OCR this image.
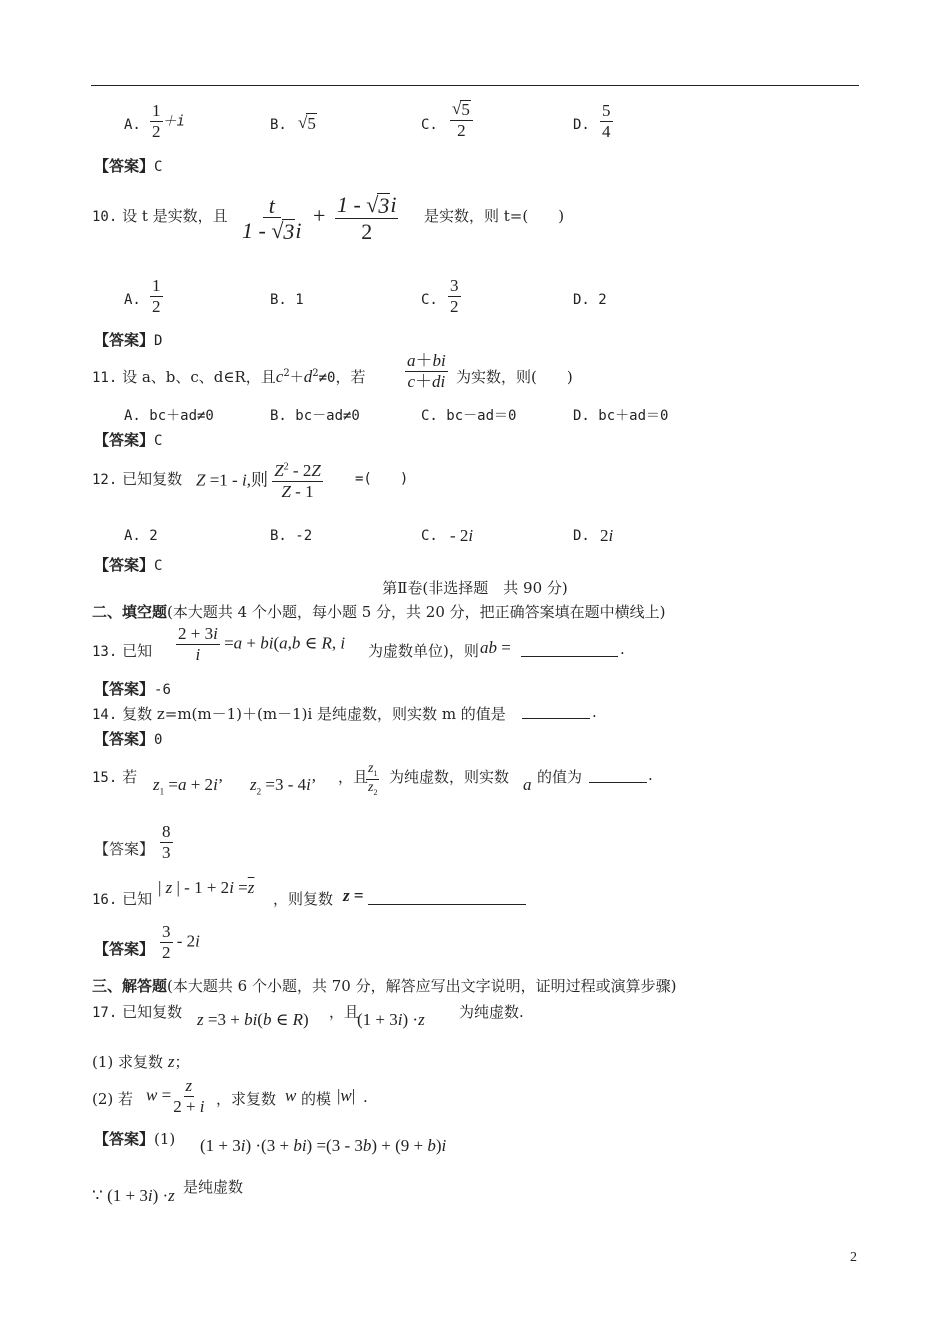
A. $\frac{1}{2} +i$	B. √ 5	C. $\frac{√ 5}{2}$	D. $\frac{5}{4}$
【答案】C
10. 设 t 是实数，且 $\frac{t}{1 - √ 3 i} + \frac{1 - √ 3 i}{2}$ 是实数，则 t=(　　)
A. $\frac{1}{2}$	B. 1	C. $\frac{3}{2}$	D. 2
【答案】D
11. 设 a、b、c、d∈R，且$c^2+d^2\ne 0$，若 $\frac{a+bi}{c+di}$ 为实数，则(　　)
A. bc＋ad≠0	B. bc－ad≠0	C. bc－ad＝0	D. bc＋ad＝0
【答案】C
12. 已知复数 Z =1 - i,则 $\frac{Z^2 - 2Z}{Z - 1}$ =(　　)
A. 2	B. -2	C. - 2i	D. 2i
【答案】C
第Ⅱ卷(非选择题　共 90 分)
二、填空题(本大题共 4 个小题，每小题 5 分，共 20 分，把正确答案填在题中横线上)
13. 已知 $\frac{2 + 3i}{i} =a + bi(a,b$ ∈ R, i 为虚数单位)，则 ab =	.
【答案】-6
14. 复数 z=m(m－1)＋(m－1)i 是纯虚数，则实数 m 的值是	.
【答案】0
15. 若 $z_1 =a + 2i$’ $z_2 =3 - 4i$’ ，且
$\frac{z_1}{z_2}$ 为纯虚数，则实数 a 的值为	.
【答案】 $\frac{8}{3}$
16. 已知
| z | - $1 + 2i =\overline{z}$
，则复数 z =
【答案】 $\frac{3}{2} - 2i$
三、解答题(本大题共 6 个小题，共 70 分，解答应写出文字说明，证明过程或演算步骤)
17. 已知复数 z =3 + bi(b ∈ R) ，且
(1 + 3i) ·z 为纯虚数.
(1) 求复数 z；
(2) 若 $w = \frac{z}{2 + i}$ ，求复数 w 的模 |w| .
【答案】(1) (1 + 3i) ·(3 + bi) =(3 - 3b) + (9 + b)i
∵ (1 + 3i) ·z 是纯虚数
2
